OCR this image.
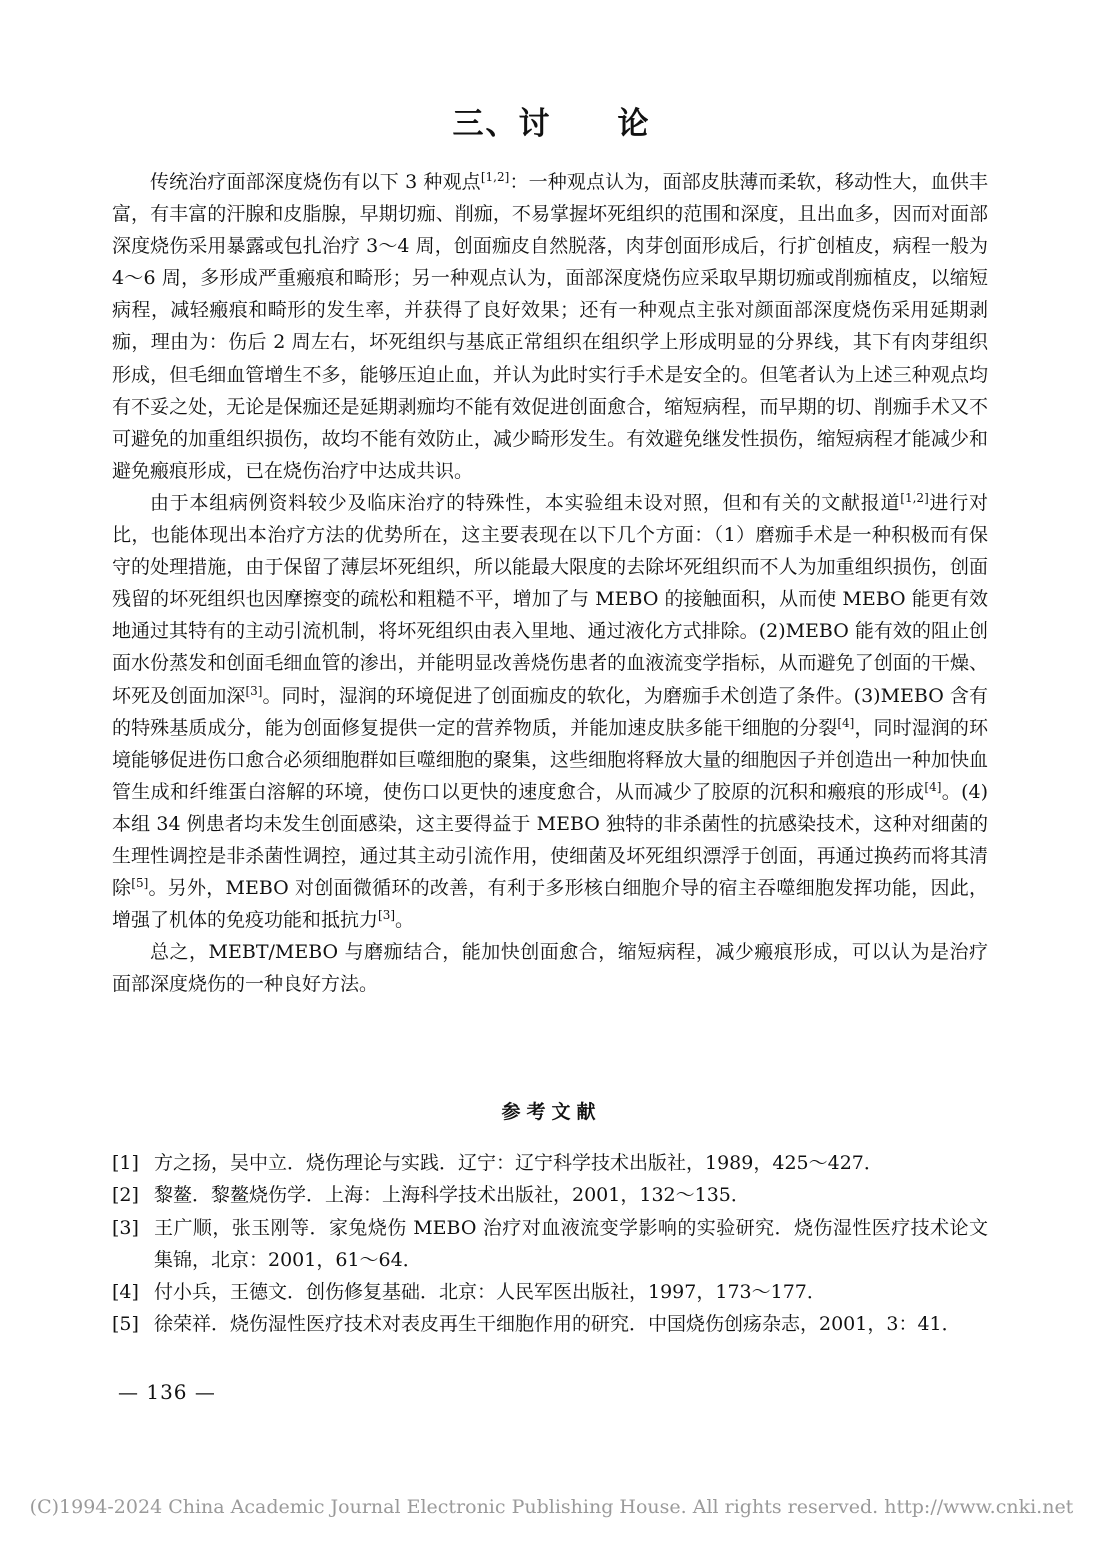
三、讨　　论

传统治疗面部深度烧伤有以下 3 种观点[1,2]：一种观点认为，面部皮肤薄而柔软，移动性大，血供丰富，有丰富的汗腺和皮脂腺，早期切痂、削痂，不易掌握坏死组织的范围和深度，且出血多，因而对面部深度烧伤采用暴露或包扎治疗 3～4 周，创面痂皮自然脱落，肉芽创面形成后，行扩创植皮，病程一般为 4～6 周，多形成严重瘢痕和畸形；另一种观点认为，面部深度烧伤应采取早期切痂或削痂植皮，以缩短病程，减轻瘢痕和畸形的发生率，并获得了良好效果；还有一种观点主张对颜面部深度烧伤采用延期剥痂，理由为：伤后 2 周左右，坏死组织与基底正常组织在组织学上形成明显的分界线，其下有肉芽组织形成，但毛细血管增生不多，能够压迫止血，并认为此时实行手术是安全的。但笔者认为上述三种观点均有不妥之处，无论是保痂还是延期剥痂均不能有效促进创面愈合，缩短病程，而早期的切、削痂手术又不可避免的加重组织损伤，故均不能有效防止，减少畸形发生。有效避免继发性损伤，缩短病程才能减少和避免瘢痕形成，已在烧伤治疗中达成共识。

由于本组病例资料较少及临床治疗的特殊性，本实验组未设对照，但和有关的文献报道[1,2]进行对比，也能体现出本治疗方法的优势所在，这主要表现在以下几个方面：（1）磨痂手术是一种积极而有保守的处理措施，由于保留了薄层坏死组织，所以能最大限度的去除坏死组织而不人为加重组织损伤，创面残留的坏死组织也因摩擦变的疏松和粗糙不平，增加了与 MEBO 的接触面积，从而使 MEBO 能更有效地通过其特有的主动引流机制，将坏死组织由表入里地、通过液化方式排除。(2)MEBO 能有效的阻止创面水份蒸发和创面毛细血管的渗出，并能明显改善烧伤患者的血液流变学指标，从而避免了创面的干燥、坏死及创面加深[3]。同时，湿润的环境促进了创面痂皮的软化，为磨痂手术创造了条件。(3)MEBO 含有的特殊基质成分，能为创面修复提供一定的营养物质，并能加速皮肤多能干细胞的分裂[4]，同时湿润的环境能够促进伤口愈合必须细胞群如巨噬细胞的聚集，这些细胞将释放大量的细胞因子并创造出一种加快血管生成和纤维蛋白溶解的环境，使伤口以更快的速度愈合，从而减少了胶原的沉积和瘢痕的形成[4]。(4)本组 34 例患者均未发生创面感染，这主要得益于 MEBO 独特的非杀菌性的抗感染技术，这种对细菌的生理性调控是非杀菌性调控，通过其主动引流作用，使细菌及坏死组织漂浮于创面，再通过换药而将其清除[5]。另外，MEBO 对创面微循环的改善，有利于多形核白细胞介导的宿主吞噬细胞发挥功能，因此，增强了机体的免疫功能和抵抗力[3]。

总之，MEBT/MEBO 与磨痂结合，能加快创面愈合，缩短病程，减少瘢痕形成，可以认为是治疗面部深度烧伤的一种良好方法。

参考文献
[1] 方之扬，吴中立．烧伤理论与实践．辽宁：辽宁科学技术出版社，1989，425～427．
[2] 黎鳌．黎鳌烧伤学．上海：上海科学技术出版社，2001，132～135．
[3] 王广顺，张玉刚等．家兔烧伤 MEBO 治疗对血液流变学影响的实验研究．烧伤湿性医疗技术论文集锦，北京：2001，61～64．
[4] 付小兵，王德文．创伤修复基础．北京：人民军医出版社，1997，173～177．
[5] 徐荣祥．烧伤湿性医疗技术对表皮再生干细胞作用的研究．中国烧伤创疡杂志，2001，3：41．
— 136 —
(C)1994-2024 China Academic Journal Electronic Publishing House. All rights reserved. http://www.cnki.net
